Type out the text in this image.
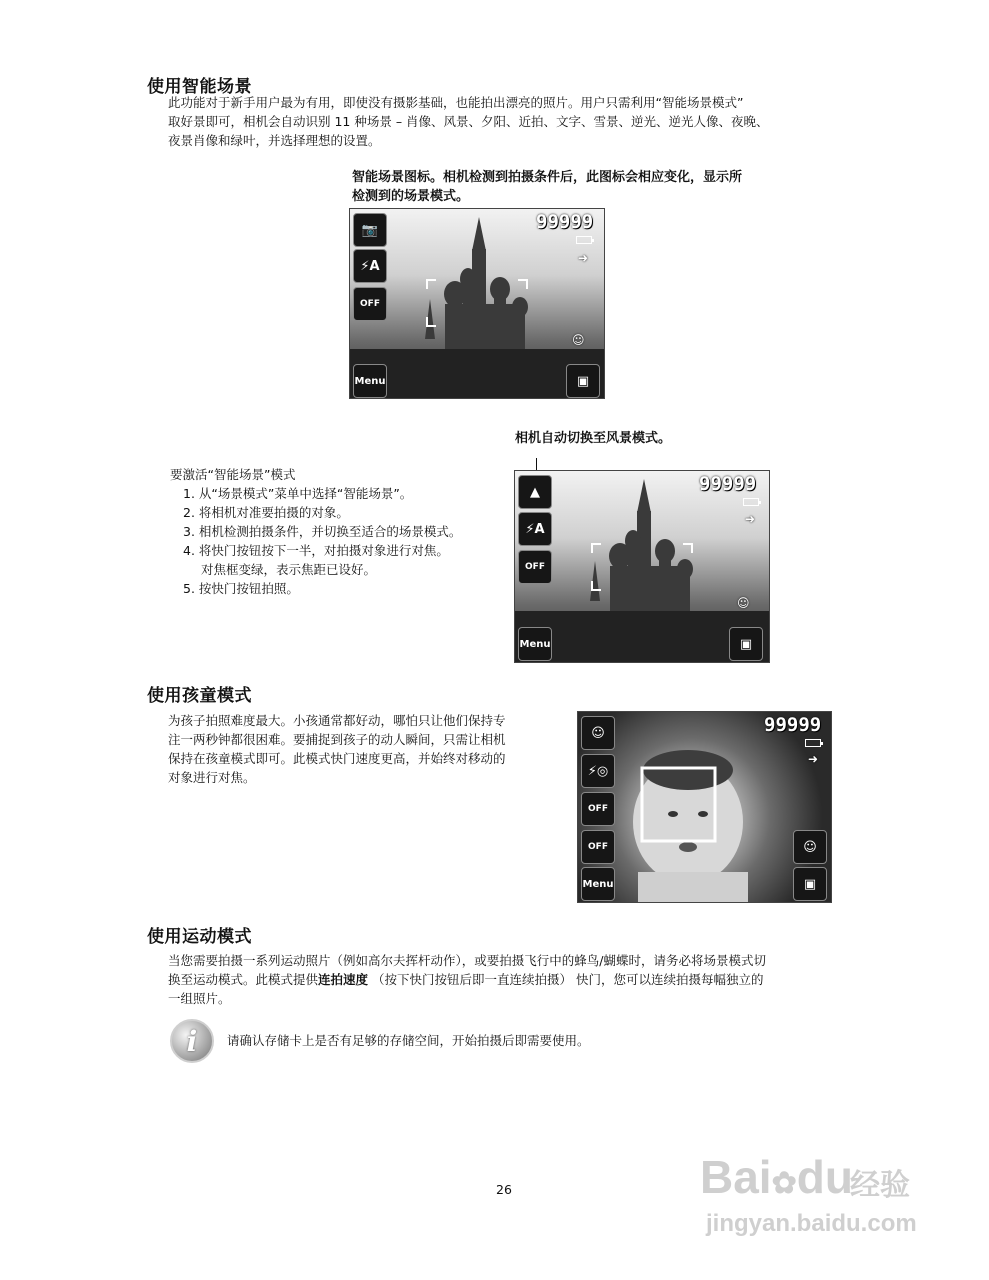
使用智能场景
此功能对于新手用户最为有用，即使没有摄影基础，也能拍出漂亮的照片。用户只需利用“智能场景模式”
取好景即可，相机会自动识别 11 种场景 – 肖像、风景、夕阳、近拍、文字、雪景、逆光、逆光人像、夜晚、
夜景肖像和绿叶，并选择理想的设置。
智能场景图标。相机检测到拍摄条件后，此图标会相应变化，显示所
检测到的场景模式。
📷
⚡A
OFF
Menu	▣
99999
➜
☺
相机自动切换至风景模式。
要激活“智能场景”模式
1. 从“场景模式”菜单中选择“智能场景”。
2. 将相机对准要拍摄的对象。
3. 相机检测拍摄条件，并切换至适合的场景模式。
4. 将快门按钮按下一半，对拍摄对象进行对焦。
对焦框变绿，表示焦距已设好。
5. 按快门按钮拍照。
▲
⚡A
OFF
Menu	▣
99999
➜
☺
使用孩童模式
为孩子拍照难度最大。小孩通常都好动，哪怕只让他们保持专
注一两秒钟都很困难。要捕捉到孩子的动人瞬间，只需让相机
保持在孩童模式即可。此模式快门速度更高，并始终对移动的
对象进行对焦。
☺
⚡◎
OFF
OFF
Menu
☺
▣
99999
➜
使用运动模式
当您需要拍摄一系列运动照片（例如高尔夫挥杆动作），或要拍摄飞行中的蜂鸟/蝴蝶时，请务必将场景模式切
换至运动模式。此模式提供连拍速度 （按下快门按钮后即一直连续拍摄） 快门，您可以连续拍摄每幅独立的
一组照片。
i	请确认存储卡上是否有足够的存储空间，开始拍摄后即需要使用。
26	Bai✿du
经验
jingyan.baidu.com
